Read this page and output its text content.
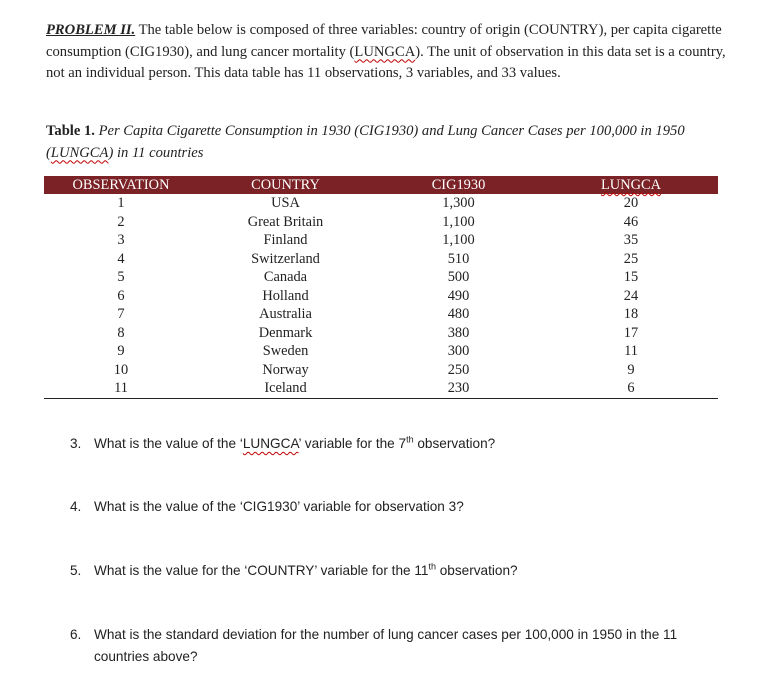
PROBLEM II. The table below is composed of three variables: country of origin (COUNTRY), per capita cigarette consumption (CIG1930), and lung cancer mortality (LUNGCA). The unit of observation in this data set is a country, not an individual person. This data table has 11 observations, 3 variables, and 33 values.
Table 1. Per Capita Cigarette Consumption in 1930 (CIG1930) and Lung Cancer Cases per 100,000 in 1950 (LUNGCA) in 11 countries
OBSERVATION	COUNTRY	CIG1930	LUNGCA
1	USA	1,300	20
2	Great Britain	1,100	46
3	Finland	1,100	35
4	Switzerland	510	25
5	Canada	500	15
6	Holland	490	24
7	Australia	480	18
8	Denmark	380	17
9	Sweden	300	11
10	Norway	250	9
11	Iceland	230	6
3. What is the value of the ‘LUNGCA’ variable for the 7th observation?
4. What is the value of the ‘CIG1930’ variable for observation 3?
5. What is the value for the ‘COUNTRY’ variable for the 11th observation?
6. What is the standard deviation for the number of lung cancer cases per 100,000 in 1950 in the 11 countries above?
